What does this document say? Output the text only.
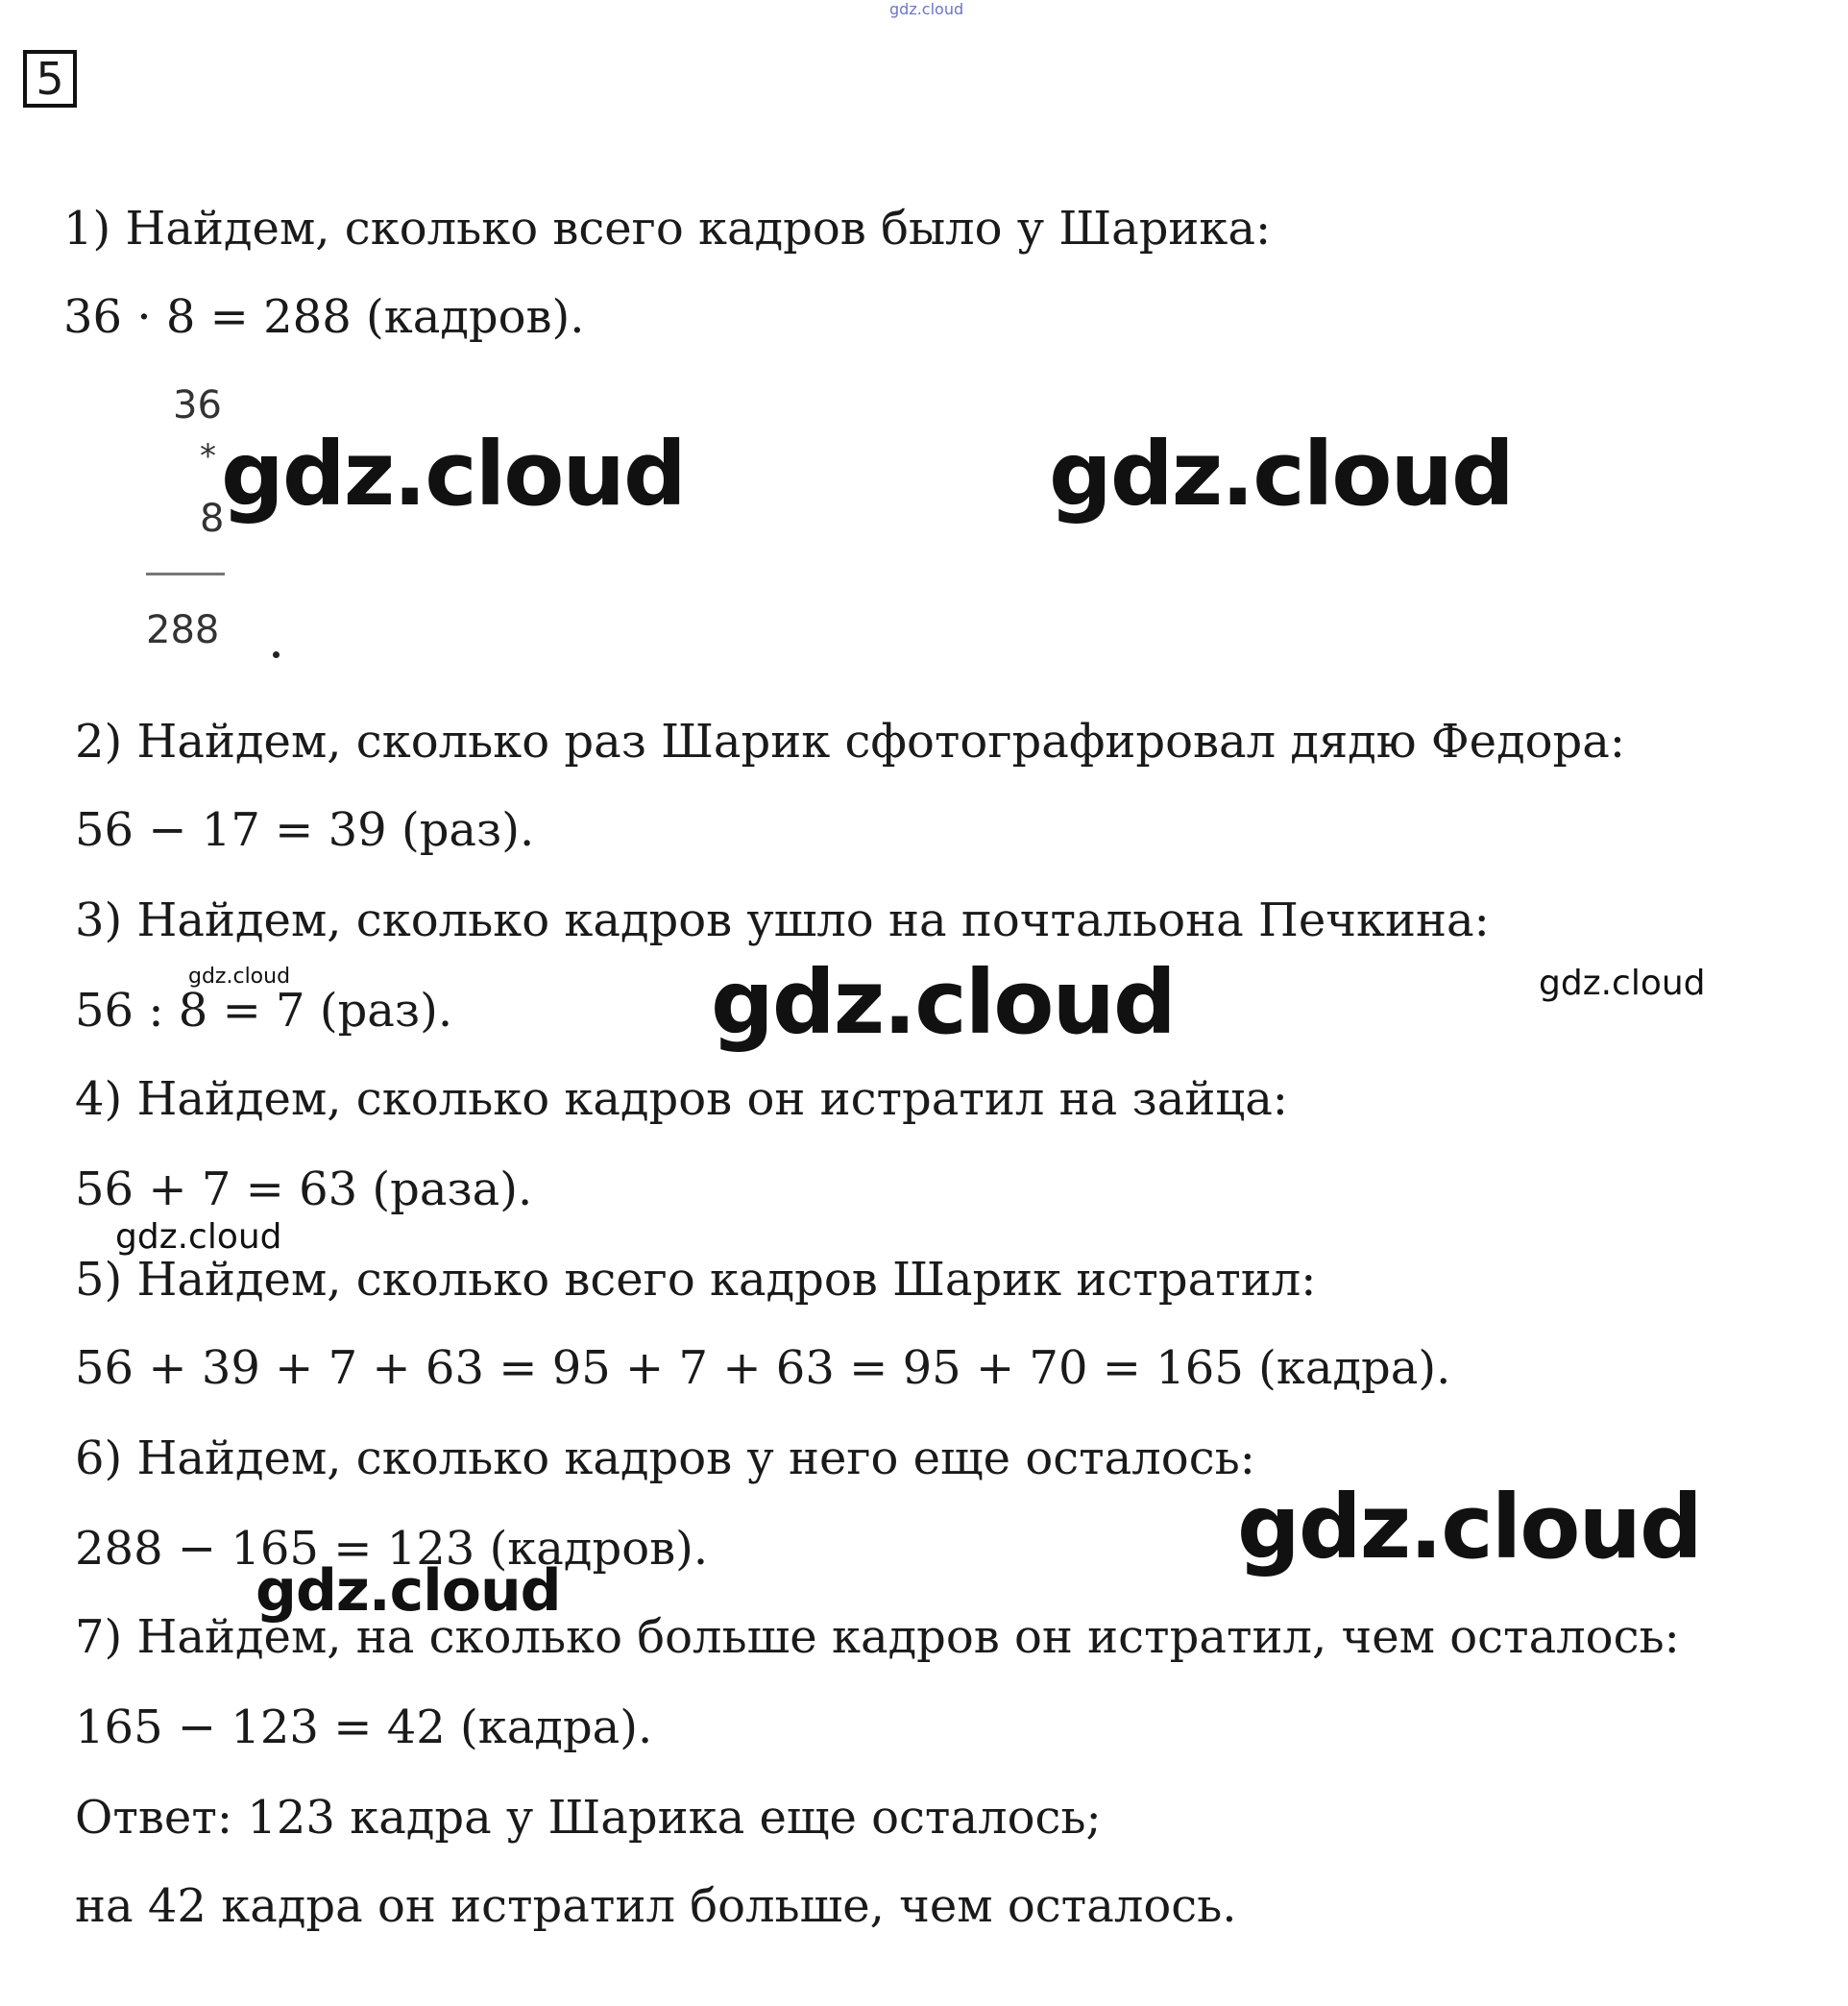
gdz.cloud
5
1) Найдем, сколько всего кадров было у Шарика:
36 · 8 = 288 (кадров).
36
*
8
288
2) Найдем, сколько раз Шарик сфотографировал дядю Федора:
56 − 17 = 39 (раз).
3) Найдем, сколько кадров ушло на почтальона Печкина:
56 : 8 = 7 (раз).
4) Найдем, сколько кадров он истратил на зайца:
56 + 7 = 63 (раза).
5) Найдем, сколько всего кадров Шарик истратил:
56 + 39 + 7 + 63 = 95 + 7 + 63 = 95 + 70 = 165 (кадра).
6) Найдем, сколько кадров у него еще осталось:
288 − 165 = 123 (кадров).
7) Найдем, на сколько больше кадров он истратил, чем осталось:
165 − 123 = 42 (кадра).
Ответ: 123 кадра у Шарика еще осталось;
на 42 кадра он истратил больше, чем осталось.
gdz.cloud	gdz.cloud
gdz.cloud
gdz.cloud
gdz.cloud
gdz.cloud
gdz.cloud
gdz.cloud
